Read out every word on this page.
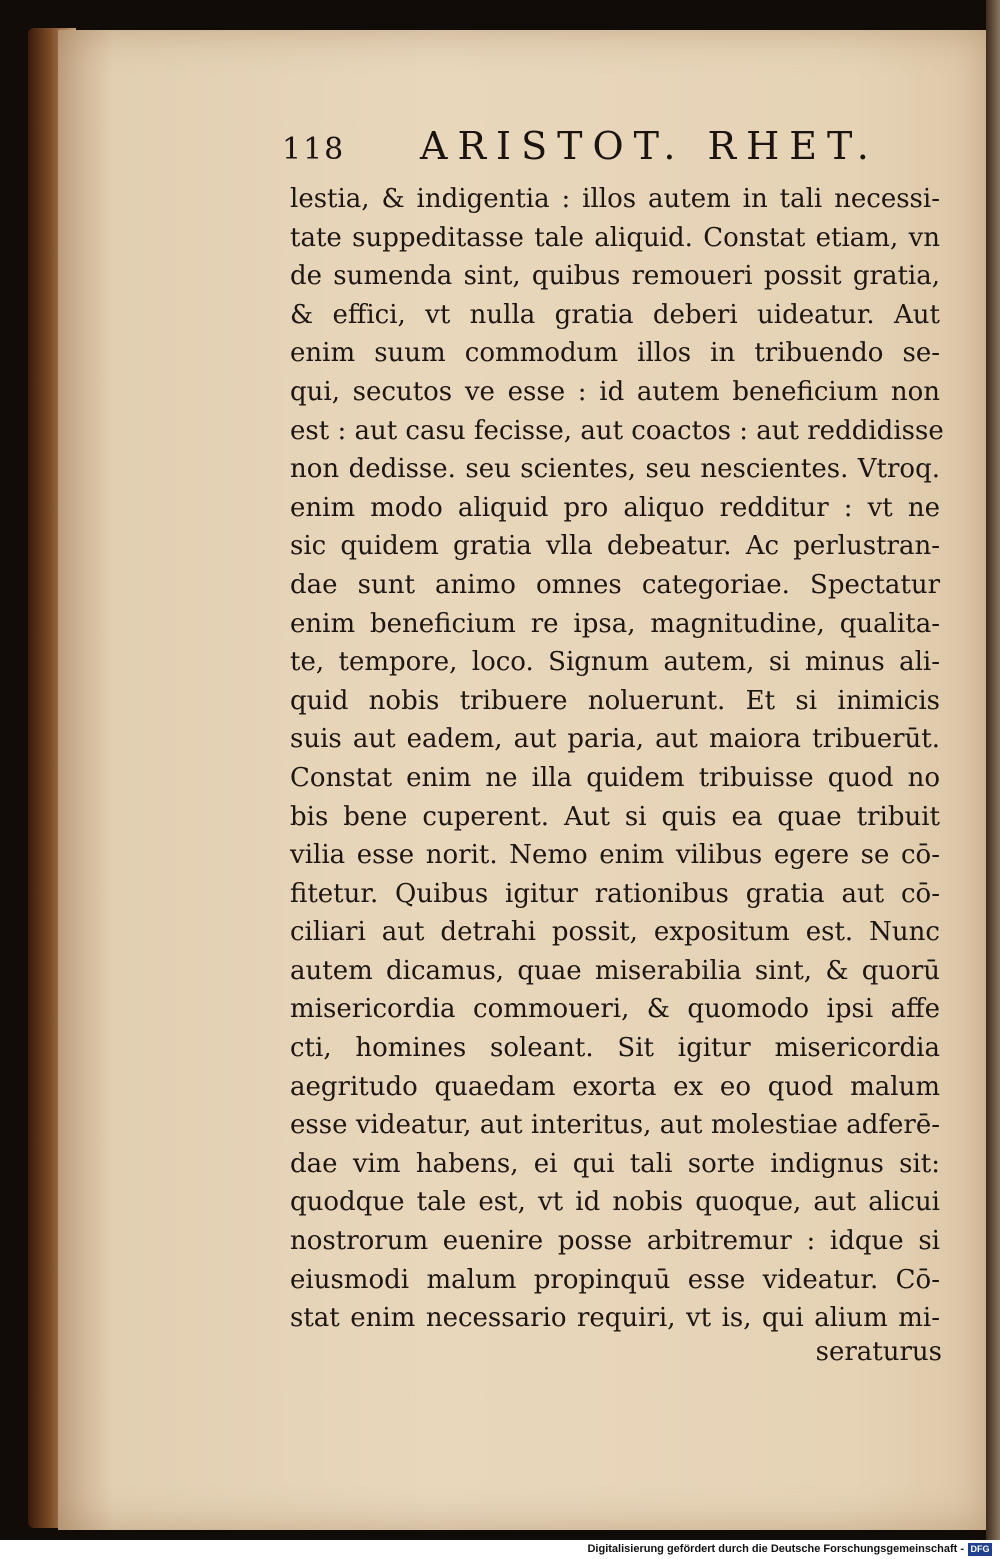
118 ARISTOT. RHET.
lestia, & indigentia : illos autem in tali necessi-
tate suppeditasse tale aliquid. Constat etiam, vn
de sumenda sint, quibus remoueri possit gratia,
& effici, vt nulla gratia deberi uideatur. Aut
enim suum commodum illos in tribuendo se-
qui, secutos ve esse : id autem beneficium non
est : aut casu fecisse, aut coactos : aut reddidisse
non dedisse. seu scientes, seu nescientes. Vtroq.
enim modo aliquid pro aliquo redditur : vt ne
sic quidem gratia vlla debeatur. Ac perlustran-
dae sunt animo omnes categoriae. Spectatur
enim beneficium re ipsa, magnitudine, qualita-
te, tempore, loco. Signum autem, si minus ali-
quid nobis tribuere noluerunt. Et si inimicis
suis aut eadem, aut paria, aut maiora tribuerūt.
Constat enim ne illa quidem tribuisse quod no
bis bene cuperent. Aut si quis ea quae tribuit
vilia esse norit. Nemo enim vilibus egere se cō-
fitetur. Quibus igitur rationibus gratia aut cō-
ciliari aut detrahi possit, expositum est. Nunc
autem dicamus, quae miserabilia sint, & quorū
misericordia commoueri, & quomodo ipsi affe
cti, homines soleant. Sit igitur misericordia
aegritudo quaedam exorta ex eo quod malum
esse videatur, aut interitus, aut molestiae adferē-
dae vim habens, ei qui tali sorte indignus sit:
quodque tale est, vt id nobis quoque, aut alicui
nostrorum euenire posse arbitremur : idque si
eiusmodi malum propinquū esse videatur. Cō-
stat enim necessario requiri, vt is, qui alium mi-
seraturus
Digitalisierung gefördert durch die Deutsche Forschungsgemeinschaft - DFG
